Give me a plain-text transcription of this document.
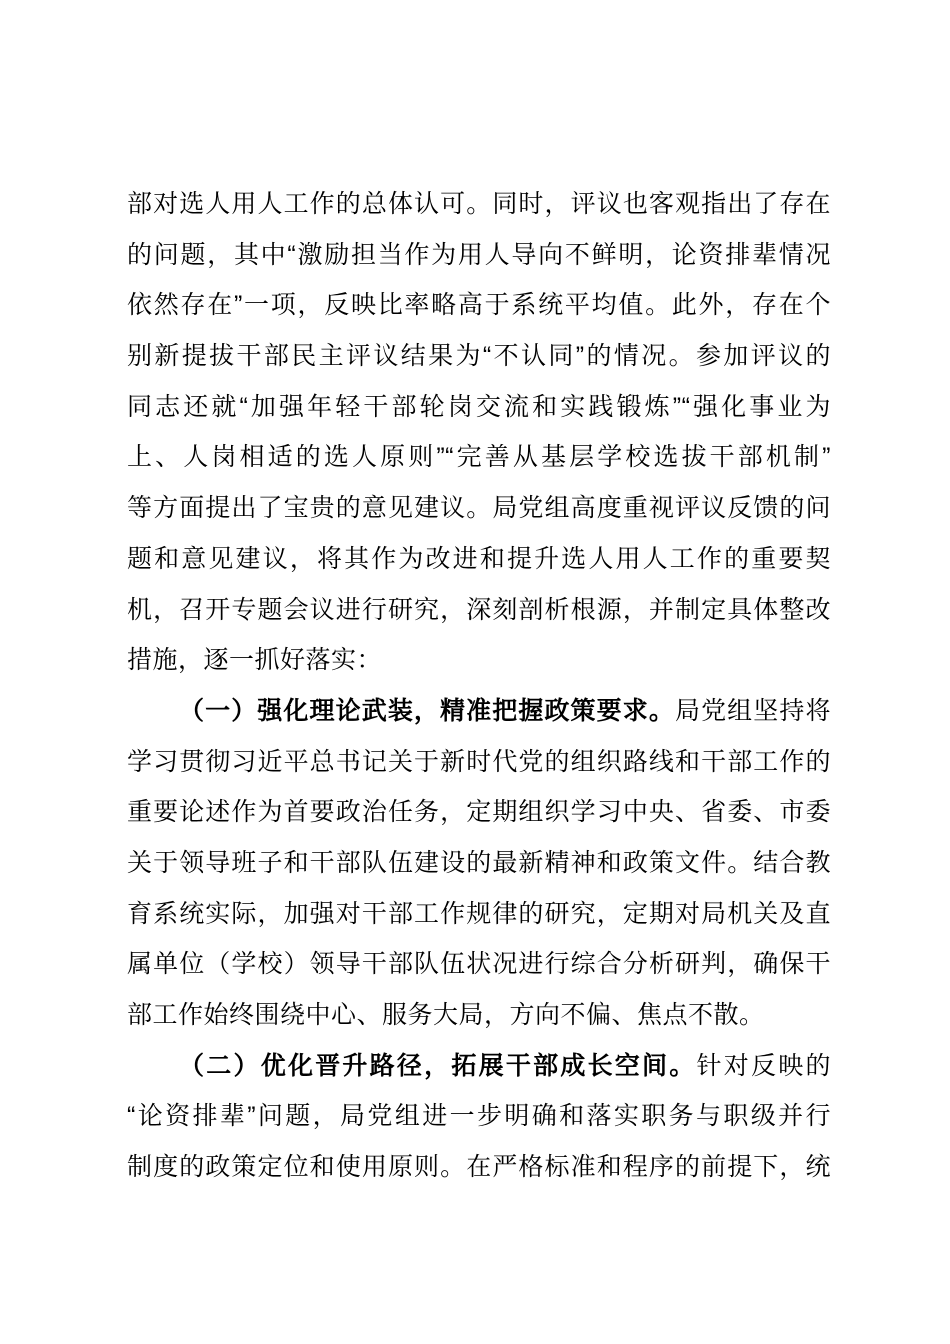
部对选人用人工作的总体认可。同时，评议也客观指出了存在
的问题，其中“激励担当作为用人导向不鲜明，论资排辈情况
依然存在”一项，反映比率略高于系统平均值。此外，存在个
别新提拔干部民主评议结果为“不认同”的情况。参加评议的
同志还就“加强年轻干部轮岗交流和实践锻炼”“强化事业为
上、人岗相适的选人原则”“完善从基层学校选拔干部机制”
等方面提出了宝贵的意见建议。局党组高度重视评议反馈的问
题和意见建议，将其作为改进和提升选人用人工作的重要契
机，召开专题会议进行研究，深刻剖析根源，并制定具体整改
措施，逐一抓好落实：
（一）强化理论武装，精准把握政策要求。局党组坚持将
学习贯彻习近平总书记关于新时代党的组织路线和干部工作的
重要论述作为首要政治任务，定期组织学习中央、省委、市委
关于领导班子和干部队伍建设的最新精神和政策文件。结合教
育系统实际，加强对干部工作规律的研究，定期对局机关及直
属单位（学校）领导干部队伍状况进行综合分析研判，确保干
部工作始终围绕中心、服务大局，方向不偏、焦点不散。
（二）优化晋升路径，拓展干部成长空间。针对反映的
“论资排辈”问题，局党组进一步明确和落实职务与职级并行
制度的政策定位和使用原则。在严格标准和程序的前提下，统
